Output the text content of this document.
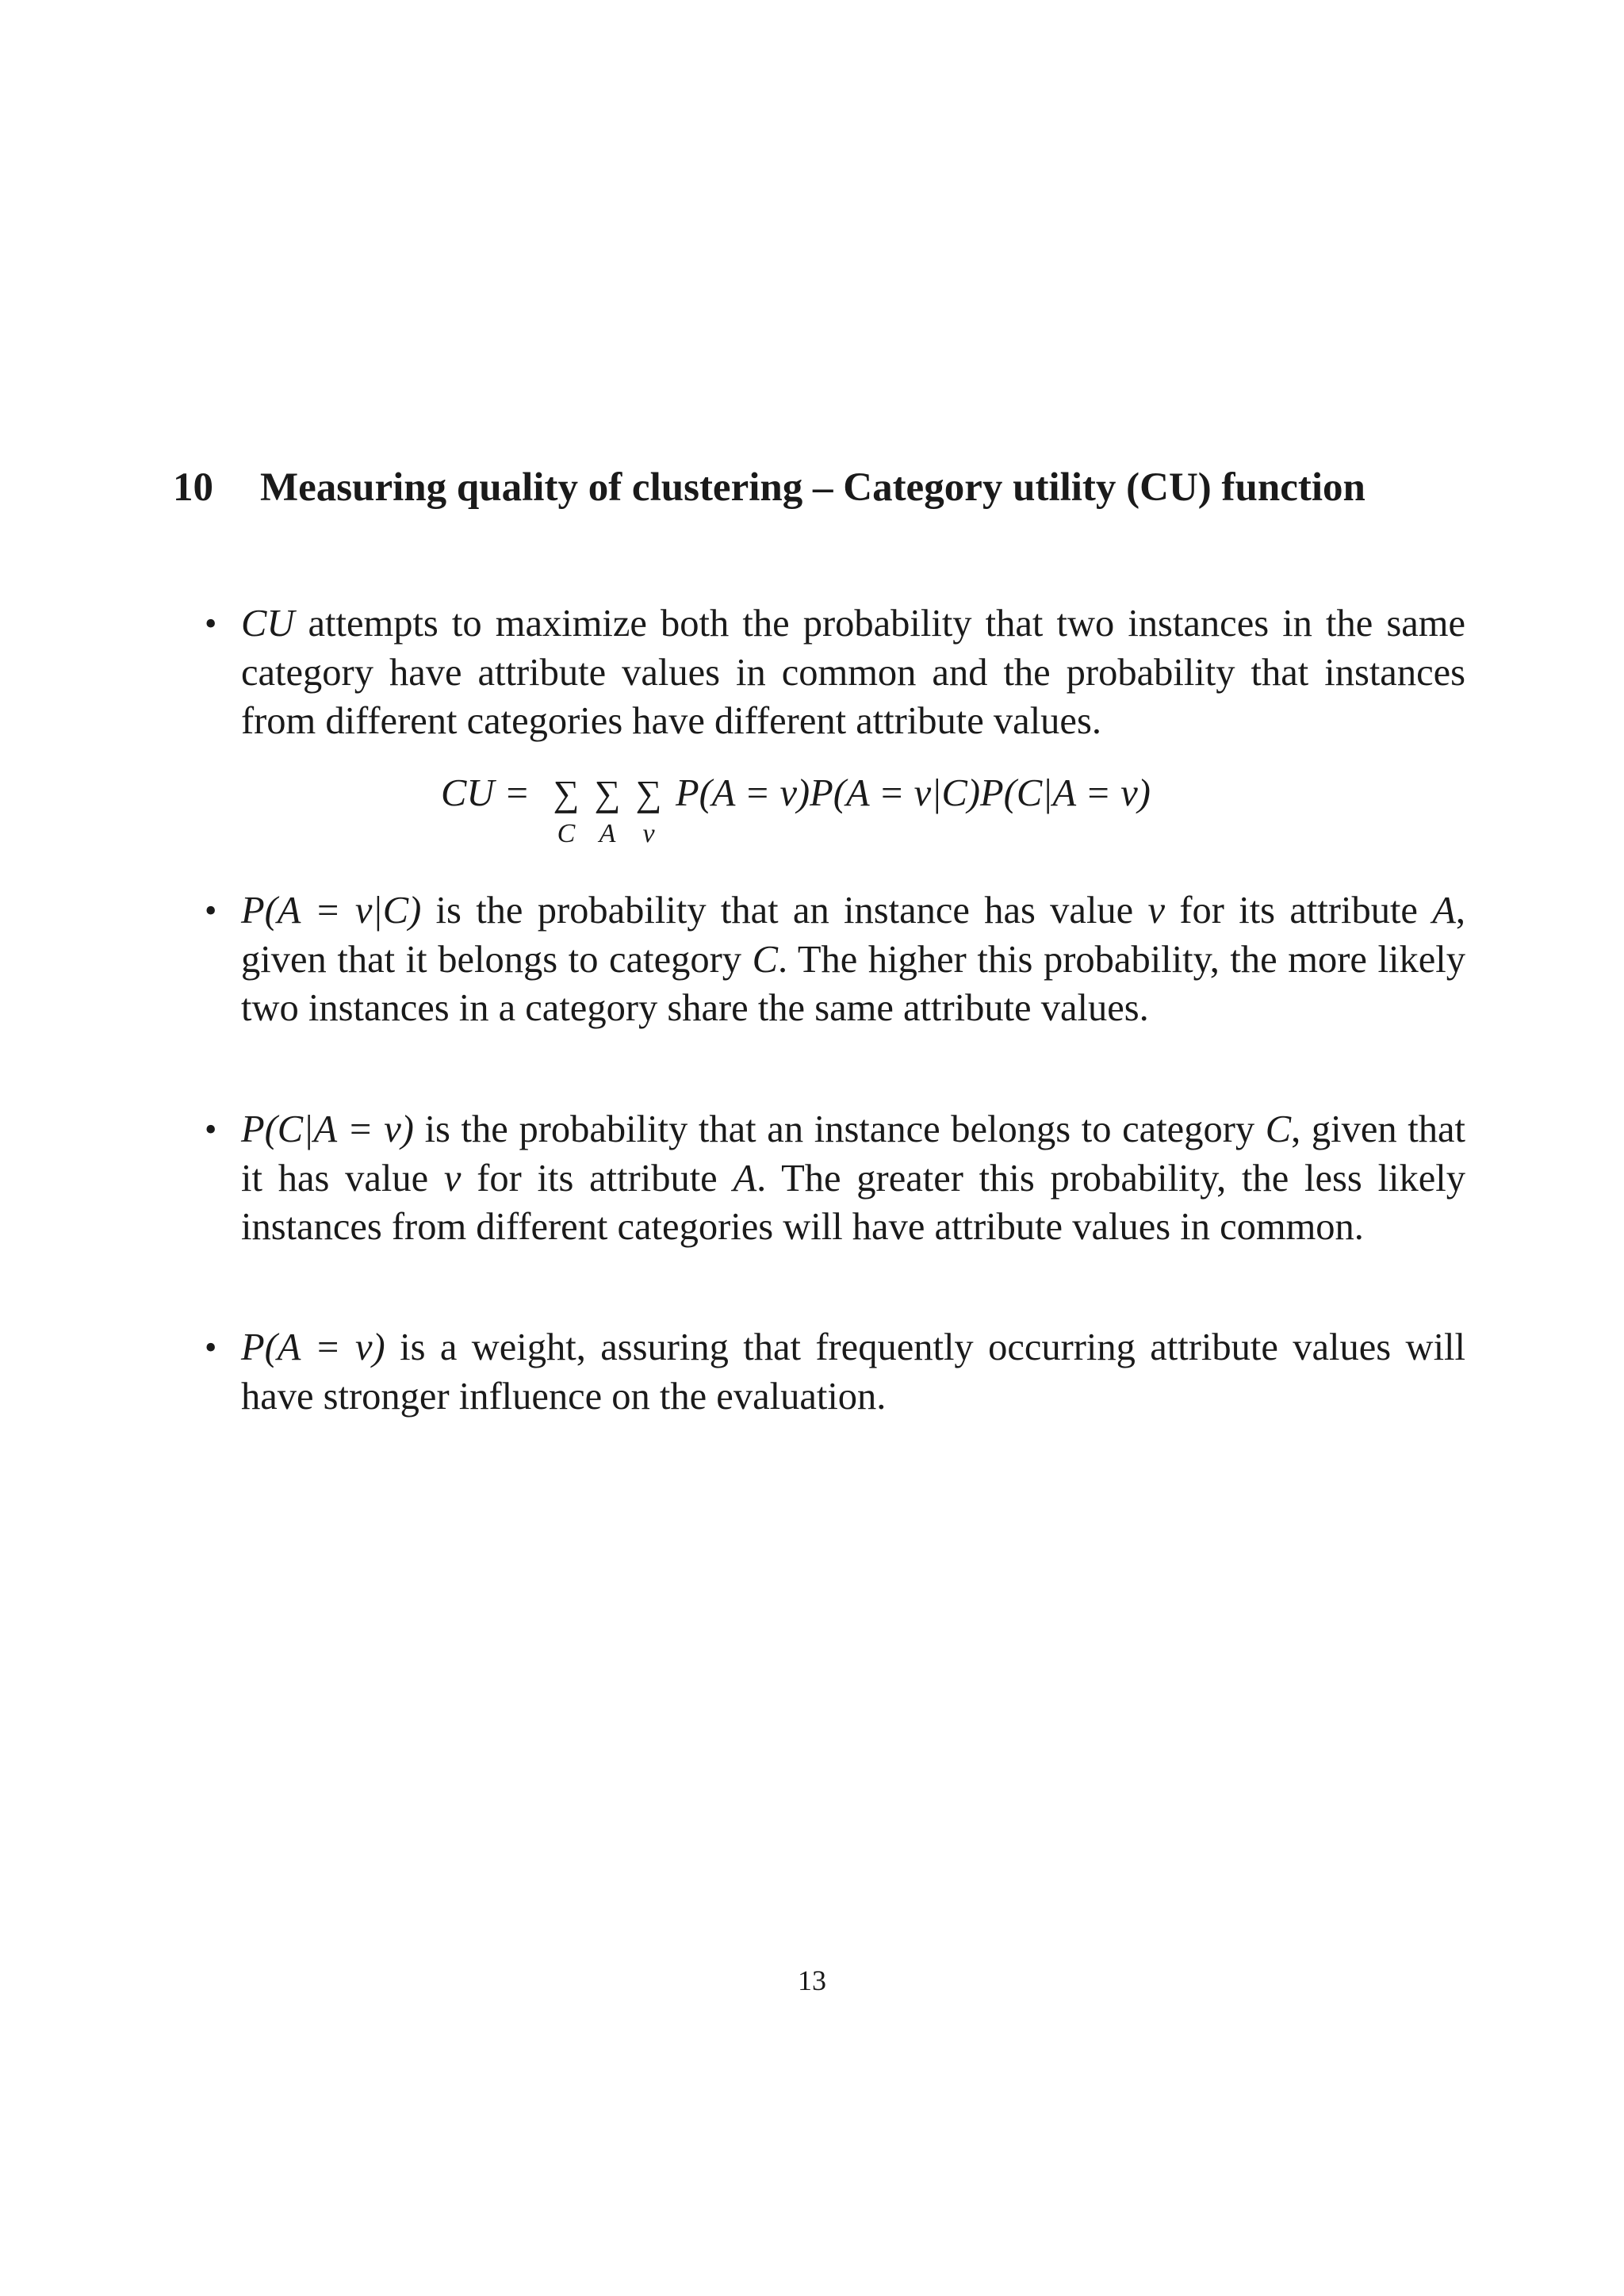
10 Measuring quality of clustering – Category utility (CU) function
• CU attempts to maximize both the probability that two instances in the same category have attribute values in common and the probability that instances from different categories have different attribute values.
CU = ∑
C
∑
A
∑
v
P(A = v)P(A = v|C)P(C|A = v)
• P(A = v|C) is the probability that an instance has value v for its attribute A, given that it belongs to category C. The higher this probability, the more likely two instances in a category share the same attribute values.
• P(C|A = v) is the probability that an instance belongs to category C, given that it has value v for its attribute A. The greater this probability, the less likely instances from different categories will have attribute values in common.
• P(A = v) is a weight, assuring that frequently occurring attribute values will have stronger influence on the evaluation.
13
